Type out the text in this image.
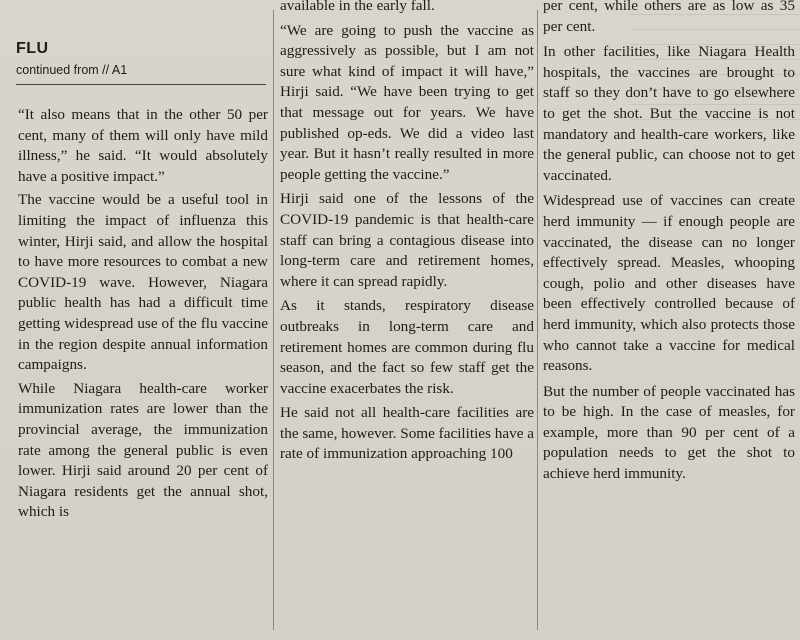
FLU
continued from // A1

“It also means that in the other 50 per cent, many of them will only have mild illness,” he said. “It would absolutely have a positive impact.”

The vaccine would be a useful tool in limiting the impact of influenza this winter, Hirji said, and allow the hospital to have more resources to combat a new COVID-19 wave. However, Niagara public health has had a difficult time getting widespread use of the flu vaccine in the region despite annual information campaigns.

While Niagara health-care worker immunization rates are lower than the provincial average, the immunization rate among the general public is even lower. Hirji said around 20 per cent of Niagara residents get the annual shot, which is

available in the early fall.

“We are going to push the vaccine as aggressively as possible, but I am not sure what kind of impact it will have,” Hirji said. “We have been trying to get that message out for years. We have published op-eds. We did a video last year. But it hasn’t really resulted in more people getting the vaccine.”

Hirji said one of the lessons of the COVID-19 pandemic is that health-care staff can bring a contagious disease into long-term care and retirement homes, where it can spread rapidly.

As it stands, respiratory disease outbreaks in long-term care and retirement homes are common during flu season, and the fact so few staff get the vaccine exacerbates the risk.

He said not all health-care facilities are the same, however. Some facilities have a rate of immunization approaching 100

per cent, while others are as low as 35 per cent.

In other facilities, like Niagara Health hospitals, the vaccines are brought to staff so they don’t have to go elsewhere to get the shot. But the vaccine is not mandatory and health-care workers, like the general public, can choose not to get vaccinated.

Widespread use of vaccines can create herd immunity — if enough people are vaccinated, the disease can no longer effectively spread. Measles, whooping cough, polio and other diseases have been effectively controlled because of herd immunity, which also protects those who cannot take a vaccine for medical reasons.

But the number of people vaccinated has to be high. In the case of measles, for example, more than 90 per cent of a population needs to get the shot to achieve herd immunity.
